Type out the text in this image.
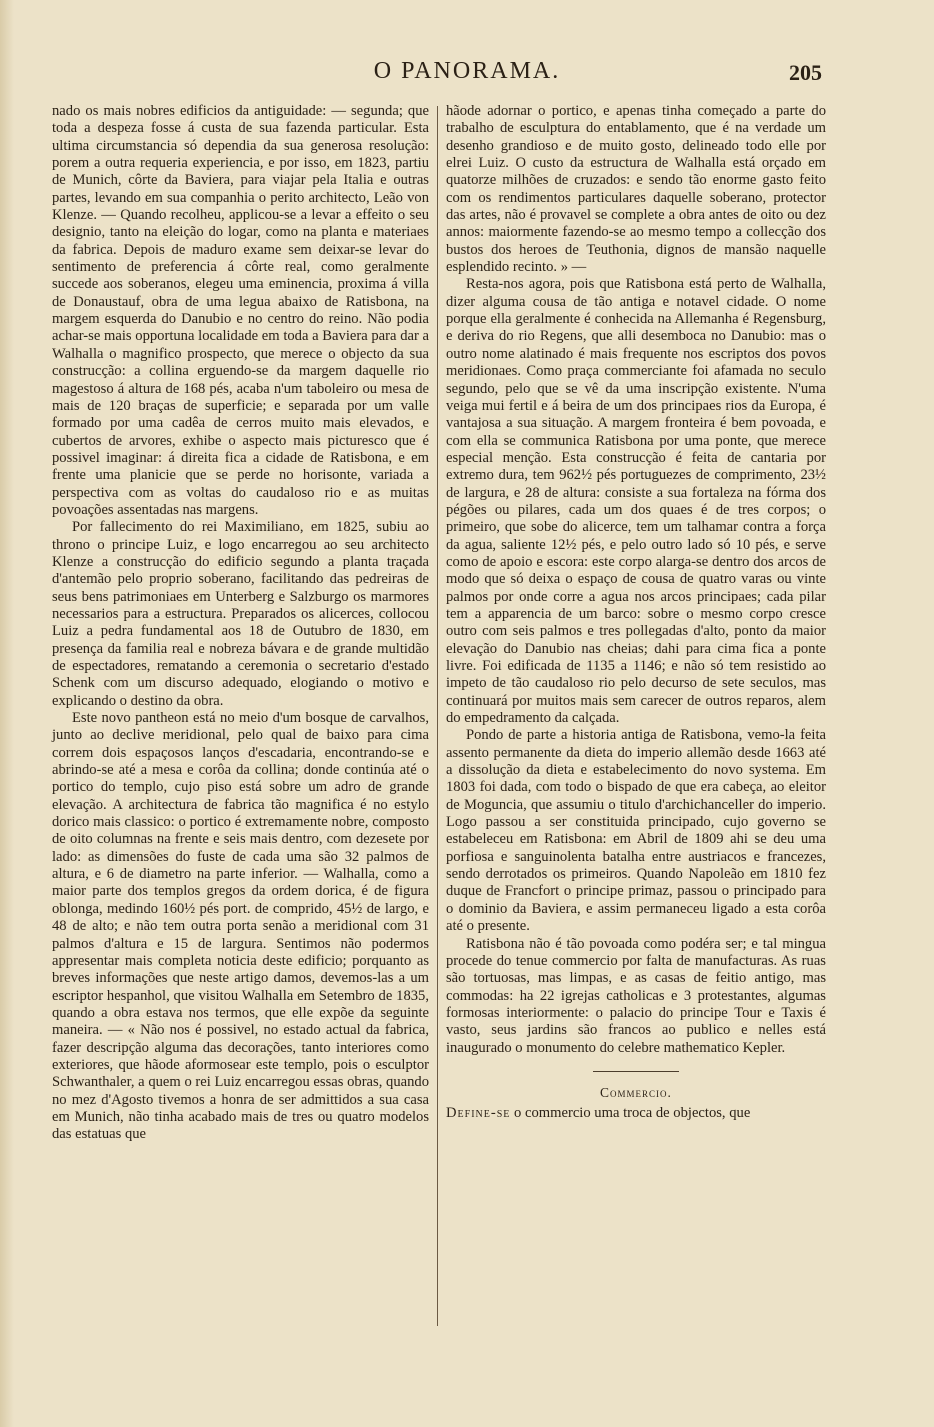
O PANORAMA.	205

nado os mais nobres edificios da antiguidade: — segunda; que toda a despeza fosse á custa de sua fazenda particular. Esta ultima circumstancia só dependia da sua generosa resolução: porem a outra requeria experiencia, e por isso, em 1823, partiu de Munich, côrte da Baviera, para viajar pela Italia e outras partes, levando em sua companhia o perito architecto, Leão von Klenze. — Quando recolheu, applicou-se a levar a effeito o seu designio, tanto na eleição do logar, como na planta e materiaes da fabrica. Depois de maduro exame sem deixar-se levar do sentimento de preferencia á côrte real, como geralmente succede aos soberanos, elegeu uma eminencia, proxima á villa de Donaustauf, obra de uma legua abaixo de Ratisbona, na margem esquerda do Danubio e no centro do reino. Não podia achar-se mais opportuna localidade em toda a Baviera para dar a Walhalla o magnifico prospecto, que merece o objecto da sua construcção: a collina erguendo-se da margem daquelle rio magestoso á altura de 168 pés, acaba n'um taboleiro ou mesa de mais de 120 braças de superficie; e separada por um valle formado por uma cadêa de cerros muito mais elevados, e cubertos de arvores, exhibe o aspecto mais picturesco que é possivel imaginar: á direita fica a cidade de Ratisbona, e em frente uma planicie que se perde no horisonte, variada a perspectiva com as voltas do caudaloso rio e as muitas povoações assentadas nas margens.

Por fallecimento do rei Maximiliano, em 1825, subiu ao throno o principe Luiz, e logo encarregou ao seu architecto Klenze a construcção do edificio segundo a planta traçada d'antemão pelo proprio soberano, facilitando das pedreiras de seus bens patrimoniaes em Unterberg e Salzburgo os marmores necessarios para a estructura. Preparados os alicerces, collocou Luiz a pedra fundamental aos 18 de Outubro de 1830, em presença da familia real e nobreza bávara e de grande multidão de espectadores, rematando a ceremonia o secretario d'estado Schenk com um discurso adequado, elogiando o motivo e explicando o destino da obra.

Este novo pantheon está no meio d'um bosque de carvalhos, junto ao declive meridional, pelo qual de baixo para cima correm dois espaçosos lanços d'escadaria, encontrando-se e abrindo-se até a mesa e corôa da collina; donde continúa até o portico do templo, cujo piso está sobre um adro de grande elevação. A architectura de fabrica tão magnifica é no estylo dorico mais classico: o portico é extremamente nobre, composto de oito columnas na frente e seis mais dentro, com dezesete por lado: as dimensões do fuste de cada uma são 32 palmos de altura, e 6 de diametro na parte inferior. — Walhalla, como a maior parte dos templos gregos da ordem dorica, é de figura oblonga, medindo 160½ pés port. de comprido, 45½ de largo, e 48 de alto; e não tem outra porta senão a meridional com 31 palmos d'altura e 15 de largura. Sentimos não podermos appresentar mais completa noticia deste edificio; porquanto as breves informações que neste artigo damos, devemos-las a um escriptor hespanhol, que visitou Walhalla em Setembro de 1835, quando a obra estava nos termos, que elle expõe da seguinte maneira. — « Não nos é possivel, no estado actual da fabrica, fazer descripção alguma das decorações, tanto interiores como exteriores, que hãode aformosear este templo, pois o esculptor Schwanthaler, a quem o rei Luiz encarregou essas obras, quando no mez d'Agosto tivemos a honra de ser admittidos a sua casa em Munich, não tinha acabado mais de tres ou quatro modelos das estatuas que

hãode adornar o portico, e apenas tinha começado a parte do trabalho de esculptura do entablamento, que é na verdade um desenho grandioso e de muito gosto, delineado todo elle por elrei Luiz. O custo da estructura de Walhalla está orçado em quatorze milhões de cruzados: e sendo tão enorme gasto feito com os rendimentos particulares daquelle soberano, protector das artes, não é provavel se complete a obra antes de oito ou dez annos: maiormente fazendo-se ao mesmo tempo a collecção dos bustos dos heroes de Teuthonia, dignos de mansão naquelle esplendido recinto. » —

Resta-nos agora, pois que Ratisbona está perto de Walhalla, dizer alguma cousa de tão antiga e notavel cidade. O nome porque ella geralmente é conhecida na Allemanha é Regensburg, e deriva do rio Regens, que alli desemboca no Danubio: mas o outro nome alatinado é mais frequente nos escriptos dos povos meridionaes. Como praça commerciante foi afamada no seculo segundo, pelo que se vê da uma inscripção existente. N'uma veiga mui fertil e á beira de um dos principaes rios da Europa, é vantajosa a sua situação. A margem fronteira é bem povoada, e com ella se communica Ratisbona por uma ponte, que merece especial menção. Esta construcção é feita de cantaria por extremo dura, tem 962½ pés portuguezes de comprimento, 23½ de largura, e 28 de altura: consiste a sua fortaleza na fórma dos pégões ou pilares, cada um dos quaes é de tres corpos; o primeiro, que sobe do alicerce, tem um talhamar contra a força da agua, saliente 12½ pés, e pelo outro lado só 10 pés, e serve como de apoio e escora: este corpo alarga-se dentro dos arcos de modo que só deixa o espaço de cousa de quatro varas ou vinte palmos por onde corre a agua nos arcos principaes; cada pilar tem a apparencia de um barco: sobre o mesmo corpo cresce outro com seis palmos e tres pollegadas d'alto, ponto da maior elevação do Danubio nas cheias; dahi para cima fica a ponte livre. Foi edificada de 1135 a 1146; e não só tem resistido ao impeto de tão caudaloso rio pelo decurso de sete seculos, mas continuará por muitos mais sem carecer de outros reparos, alem do empedramento da calçada.

Pondo de parte a historia antiga de Ratisbona, vemo-la feita assento permanente da dieta do imperio allemão desde 1663 até a dissolução da dieta e estabelecimento do novo systema. Em 1803 foi dada, com todo o bispado de que era cabeça, ao eleitor de Moguncia, que assumiu o titulo d'archichanceller do imperio. Logo passou a ser constituida principado, cujo governo se estabeleceu em Ratisbona: em Abril de 1809 ahi se deu uma porfiosa e sanguinolenta batalha entre austriacos e francezes, sendo derrotados os primeiros. Quando Napoleão em 1810 fez duque de Francfort o principe primaz, passou o principado para o dominio da Baviera, e assim permaneceu ligado a esta corôa até o presente.

Ratisbona não é tão povoada como podéra ser; e tal mingua procede do tenue commercio por falta de manufacturas. As ruas são tortuosas, mas limpas, e as casas de feitio antigo, mas commodas: ha 22 igrejas catholicas e 3 protestantes, algumas formosas interiormente: o palacio do principe Tour e Taxis é vasto, seus jardins são francos ao publico e nelles está inaugurado o monumento do celebre mathematico Kepler.

Commercio.

Define-se o commercio uma troca de objectos, que
